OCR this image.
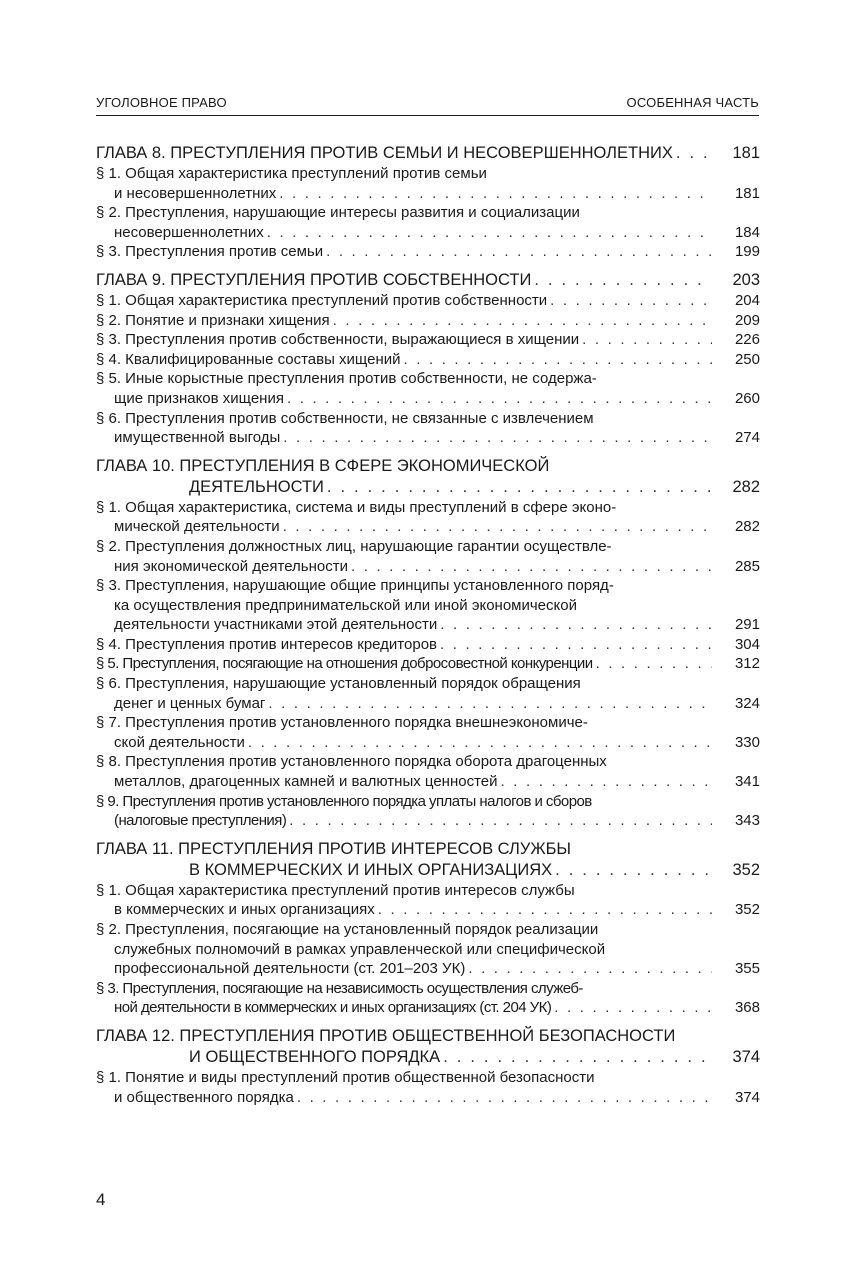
УГОЛОВНОЕ ПРАВО	ОСОБЕННАЯ ЧАСТЬ
ГЛАВА 8. ПРЕСТУПЛЕНИЯ ПРОТИВ СЕМЬИ И НЕСОВЕРШЕННОЛЕТНИХ . . .	181
§ 1. Общая характеристика преступлений против семьи
и несовершеннолетних . . .	181
§ 2. Преступления, нарушающие интересы развития и социализации
несовершеннолетних . . .	184
§ 3. Преступления против семьи . . .	199
ГЛАВА 9. ПРЕСТУПЛЕНИЯ ПРОТИВ СОБСТВЕННОСТИ . . .	203
§ 1. Общая характеристика преступлений против собственности . . .	204
§ 2. Понятие и признаки хищения . . .	209
§ 3. Преступления против собственности, выражающиеся в хищении . . .	226
§ 4. Квалифицированные составы хищений . . .	250
§ 5. Иные корыстные преступления против собственности, не содержа-
щие признаков хищения . . .	260
§ 6. Преступления против собственности, не связанные с извлечением
имущественной выгоды . . .	274
ГЛАВА 10. ПРЕСТУПЛЕНИЯ В СФЕРЕ ЭКОНОМИЧЕСКОЙ
ДЕЯТЕЛЬНОСТИ . . .	282
§ 1. Общая характеристика, система и виды преступлений в сфере эконо-
мической деятельности . . .	282
§ 2. Преступления должностных лиц, нарушающие гарантии осуществле-
ния экономической деятельности . . .	285
§ 3. Преступления, нарушающие общие принципы установленного поряд-
ка осуществления предпринимательской или иной экономической
деятельности участниками этой деятельности . . .	291
§ 4. Преступления против интересов кредиторов . . .	304
§ 5. Преступления, посягающие на отношения добросовестной конкуренции . . .	312
§ 6. Преступления, нарушающие установленный порядок обращения
денег и ценных бумаг . . .	324
§ 7. Преступления против установленного порядка внешнеэкономиче-
ской деятельности . . .	330
§ 8. Преступления против установленного порядка оборота драгоценных
металлов, драгоценных камней и валютных ценностей . . .	341
§ 9. Преступления против установленного порядка уплаты налогов и сборов
(налоговые преступления) . . .	343
ГЛАВА 11. ПРЕСТУПЛЕНИЯ ПРОТИВ ИНТЕРЕСОВ СЛУЖБЫ
В КОММЕРЧЕСКИХ И ИНЫХ ОРГАНИЗАЦИЯХ . . .	352
§ 1. Общая характеристика преступлений против интересов службы
в коммерческих и иных организациях . . .	352
§ 2. Преступления, посягающие на установленный порядок реализации
служебных полномочий в рамках управленческой или специфической
профессиональной деятельности (ст. 201–203 УК) . . .	355
§ 3. Преступления, посягающие на независимость осуществления служеб-
ной деятельности в коммерческих и иных организациях (ст. 204 УК) . . .	368
ГЛАВА 12. ПРЕСТУПЛЕНИЯ ПРОТИВ ОБЩЕСТВЕННОЙ БЕЗОПАСНОСТИ
И ОБЩЕСТВЕННОГО ПОРЯДКА . . .	374
§ 1. Понятие и виды преступлений против общественной безопасности
и общественного порядка . . .	374
4
